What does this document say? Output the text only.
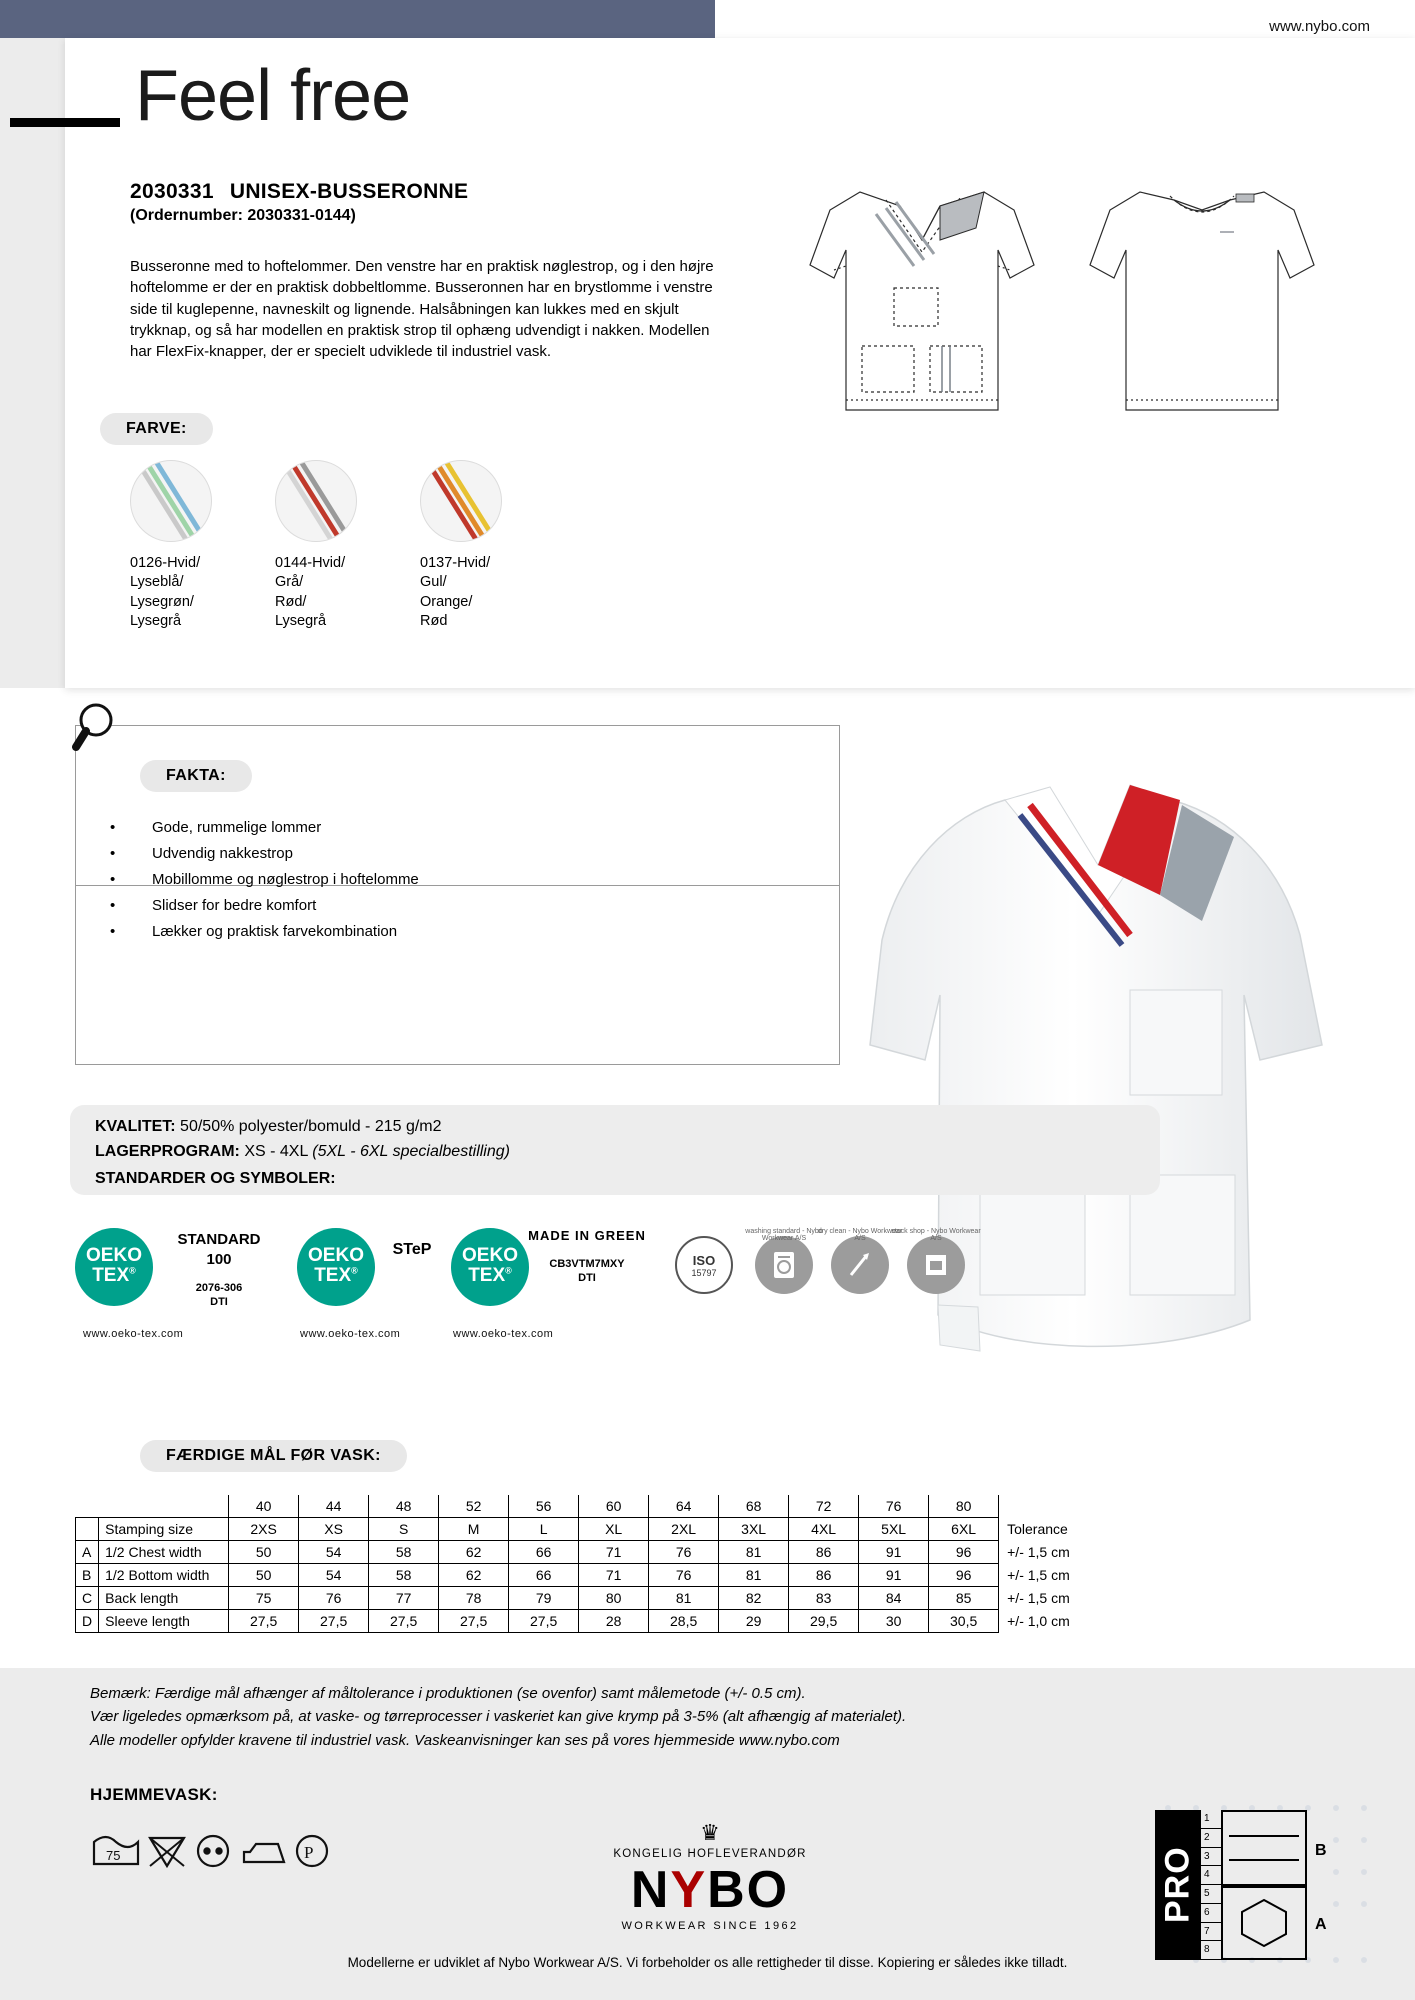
www.nybo.com
Feel free
2030331 UNISEX-BUSSERONNE
(Ordernumber: 2030331-0144)
Busseronne med to hoftelommer. Den venstre har en praktisk nøglestrop, og i den højre hoftelomme er der en praktisk dobbeltlomme. Busseronnen har en brystlomme i venstre side til kuglepenne, navneskilt og lignende. Halsåbningen kan lukkes med en skjult trykknap, og så har modellen en praktisk strop til ophæng udvendigt i nakken. Modellen har FlexFix-knapper, der er specielt udviklede til industriel vask.
FARVE:
0126-Hvid/
Lyseblå/
Lysegrøn/
Lysegrå
0144-Hvid/
Grå/
Rød/
Lysegrå
0137-Hvid/
Gul/
Orange/
Rød
FAKTA:
• Gode, rummelige lommer
• Udvendig nakkestrop
• Mobillomme og nøglestrop i hoftelomme
• Slidser for bedre komfort
• Lækker og praktisk farvekombination
KVALITET: 50/50% polyester/bomuld - 215 g/m2
LAGERPROGRAM: XS - 4XL (5XL - 6XL specialbestilling)
STANDARDER OG SYMBOLER:
OEKO
TEX®
STANDARD
100
2076-306
DTI
www.oeko-tex.com
OEKO
TEX®
STeP
www.oeko-tex.com
OEKO
TEX®
MADE IN GREEN
CB3VTM7MXY
DTI
www.oeko-tex.com
ISO
15797
washing standard - Nybo Workwear A/S
dry clean - Nybo Workwear A/S
stock shop - Nybo Workwear A/S
FÆRDIGE MÅL FØR VASK:
		40	44	48	52	56	60	64	68	72	76	80	
	Stamping size	2XS	XS	S	M	L	XL	2XL	3XL	4XL	5XL	6XL	Tolerance
A	1/2 Chest width	50	54	58	62	66	71	76	81	86	91	96	+/- 1,5 cm
B	1/2 Bottom width	50	54	58	62	66	71	76	81	86	91	96	+/- 1,5 cm
C	Back length	75	76	77	78	79	80	81	82	83	84	85	+/- 1,5 cm
D	Sleeve length	27,5	27,5	27,5	27,5	27,5	28	28,5	29	29,5	30	30,5	+/- 1,0 cm

Bemærk: Færdige mål afhænger af måltolerance i produktionen (se ovenfor) samt målemetode (+/- 0.5 cm).
Vær ligeledes opmærksom på, at vaske- og tørreprocesser i vaskeriet kan give krymp på 3-5% (alt afhængig af materialet).
Alle modeller opfylder kravene til industriel vask. Vaskeanvisninger kan ses på vores hjemmeside www.nybo.com

HJEMMEVASK:
75	P
♛
KONGELIG HOFLEVERANDØR
NYBO
WORKWEAR SINCE 1962
PRO
1
2
3
4
5
6
7
8
B
A
Modellerne er udviklet af Nybo Workwear A/S. Vi forbeholder os alle rettigheder til disse. Kopiering er således ikke tilladt.
